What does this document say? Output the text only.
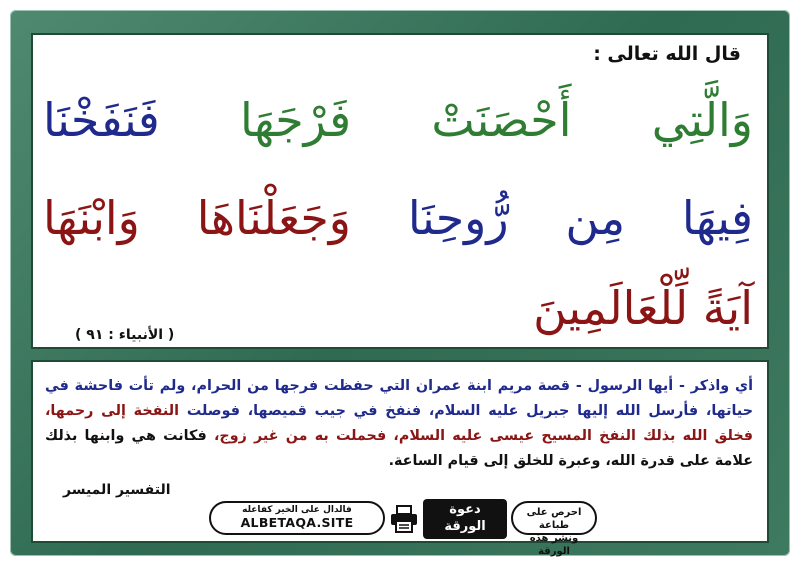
قال الله تعالى :
وَالَّتِي أَحْصَنَتْ فَرْجَهَا فَنَفَخْنَا
فِيهَا مِن رُّوحِنَا وَجَعَلْنَاهَا وَابْنَهَا
آيَةً لِّلْعَالَمِينَ
( الأنبياء : ٩١ )
أي واذكر - أيها الرسول - قصة مريم ابنة عمران التي حفظت فرجها من الحرام، ولم تأت فاحشة في حياتها، فأرسل الله إليها جبريل عليه السلام، فنفخ في جيب قميصها، فوصلت النفخة إلى رحمها، فخلق الله بذلك النفخ المسيح عيسى عليه السلام، فحملت به من غير زوج، فكانت هي وابنها بذلك علامة على قدرة الله، وعبرة للخلق إلى قيام الساعة.
التفسير الميسر
فالدال على الخير كفاعله
ALBETAQA.SITE
دعوة
الورقة
احرص على طباعة
ونشر هذه الورقة
